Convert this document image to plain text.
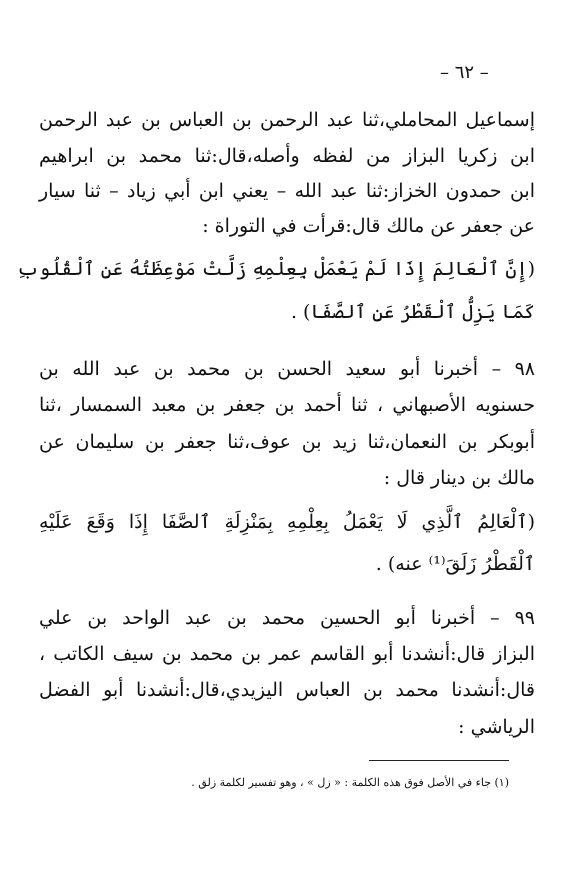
– ٦٢ –
إسماعيل المحاملي،ثنا عبد الرحمن بن العباس بن عبد الرحمن
ابن زكريا البزاز من لفظه وأصله،قال:ثنا محمد بن ابراهيم
ابن حمدون الخزاز:ثنا عبد الله – يعني ابن أبي زياد – ثنا سيار
عن جعفر عن مالك قال:قرأت في التوراة :
(إِنَّ ٱلْعَالِمَ إِذَا لَمْ يَعْمَلْ بِعِلْمِهِ زَلَّتْ مَوْعِظَتُهُ عَنِ ٱلْقُلُوبِ
كَمَا يَزِلُّ ٱلْقَطْرُ عَنِ ٱلصَّفَا) .
٩٨ – أخبرنا أبو سعيد الحسن بن محمد بن عبد الله بن
حسنويه الأصبهاني ، ثنا أحمد بن جعفر بن معبد السمسار ،ثنا
أبوبكر بن النعمان،ثنا زيد بن عوف،ثنا جعفر بن سليمان عن
مالك بن دينار قال :
(ٱلْعَالِمُ ٱلَّذِي لَا يَعْمَلُ بِعِلْمِهِ بِمَنْزِلَةِ ٱلصَّفَا إِذَا وَقَعَ عَلَيْهِ
ٱلْقَطْرُ زَلَقَ⁽¹⁾ عنه) .
٩٩ – أخبرنا أبو الحسين محمد بن عبد الواحد بن علي
البزاز قال:أنشدنا أبو القاسم عمر بن محمد بن سيف الكاتب ،
قال:أنشدنا محمد بن العباس اليزيدي،قال:أنشدنا أبو الفضل
الرياشي :
(١) جاء في الأصل فوق هذه الكلمة : « زل » ، وهو تفسير لكلمة زلق .
